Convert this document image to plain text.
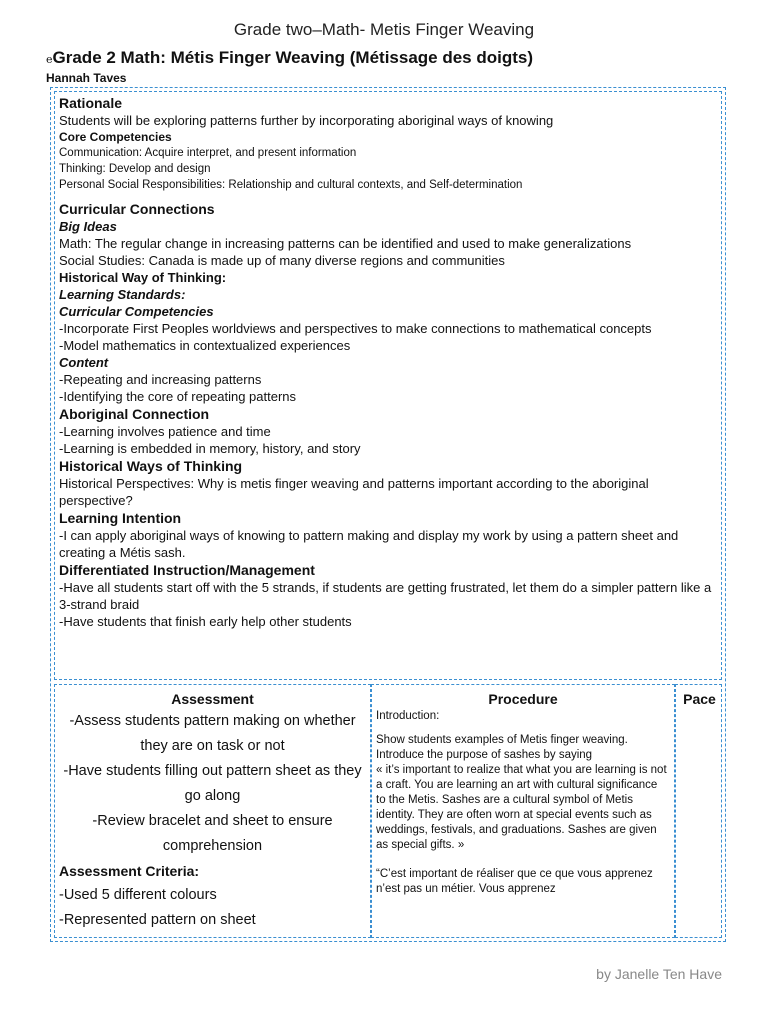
Grade two–Math- Metis Finger Weaving
eGrade 2 Math: Métis Finger Weaving (Métissage des doigts)
Hannah Taves
Rationale
Students will be exploring patterns further by incorporating aboriginal ways of knowing
Core Competencies
Communication: Acquire interpret, and present information
Thinking: Develop and design
Personal Social Responsibilities: Relationship and cultural contexts, and Self-determination
Curricular Connections
Big Ideas
Math: The regular change in increasing patterns can be identified and used to make generalizations
Social Studies: Canada is made up of many diverse regions and communities
Historical Way of Thinking:
Learning Standards:
Curricular Competencies
-Incorporate First Peoples worldviews and perspectives to make connections to mathematical concepts
-Model mathematics in contextualized experiences
Content
-Repeating and increasing patterns
-Identifying the core of repeating patterns
Aboriginal Connection
-Learning involves patience and time
-Learning is embedded in memory, history, and story
Historical Ways of Thinking
Historical Perspectives: Why is metis finger weaving and patterns important according to the aboriginal perspective?
Learning Intention
-I can apply aboriginal ways of knowing to pattern making and display my work by using a pattern sheet and creating a Métis sash.
Differentiated Instruction/Management
-Have all students start off with the 5 strands, if students are getting frustrated, let them do a simpler pattern like a 3-strand braid
-Have students that finish early help other students
Assessment
-Assess students pattern making on whether they are on task or not
-Have students filling out pattern sheet as they go along
-Review bracelet and sheet to ensure comprehension
Assessment Criteria:
-Used 5 different colours
-Represented pattern on sheet
Procedure

Introduction:

Show students examples of Metis finger weaving. Introduce the purpose of sashes by saying

« it’s important to realize that what you are learning is not a craft. You are learning an art with cultural significance to the Metis. Sashes are a cultural symbol of Metis identity. They are often worn at special events such as weddings, festivals, and graduations. Sashes are given as special gifts. »

“C’est important de réaliser que ce que vous apprenez n’est pas un métier. Vous apprenez

Pace
by Janelle Ten Have
